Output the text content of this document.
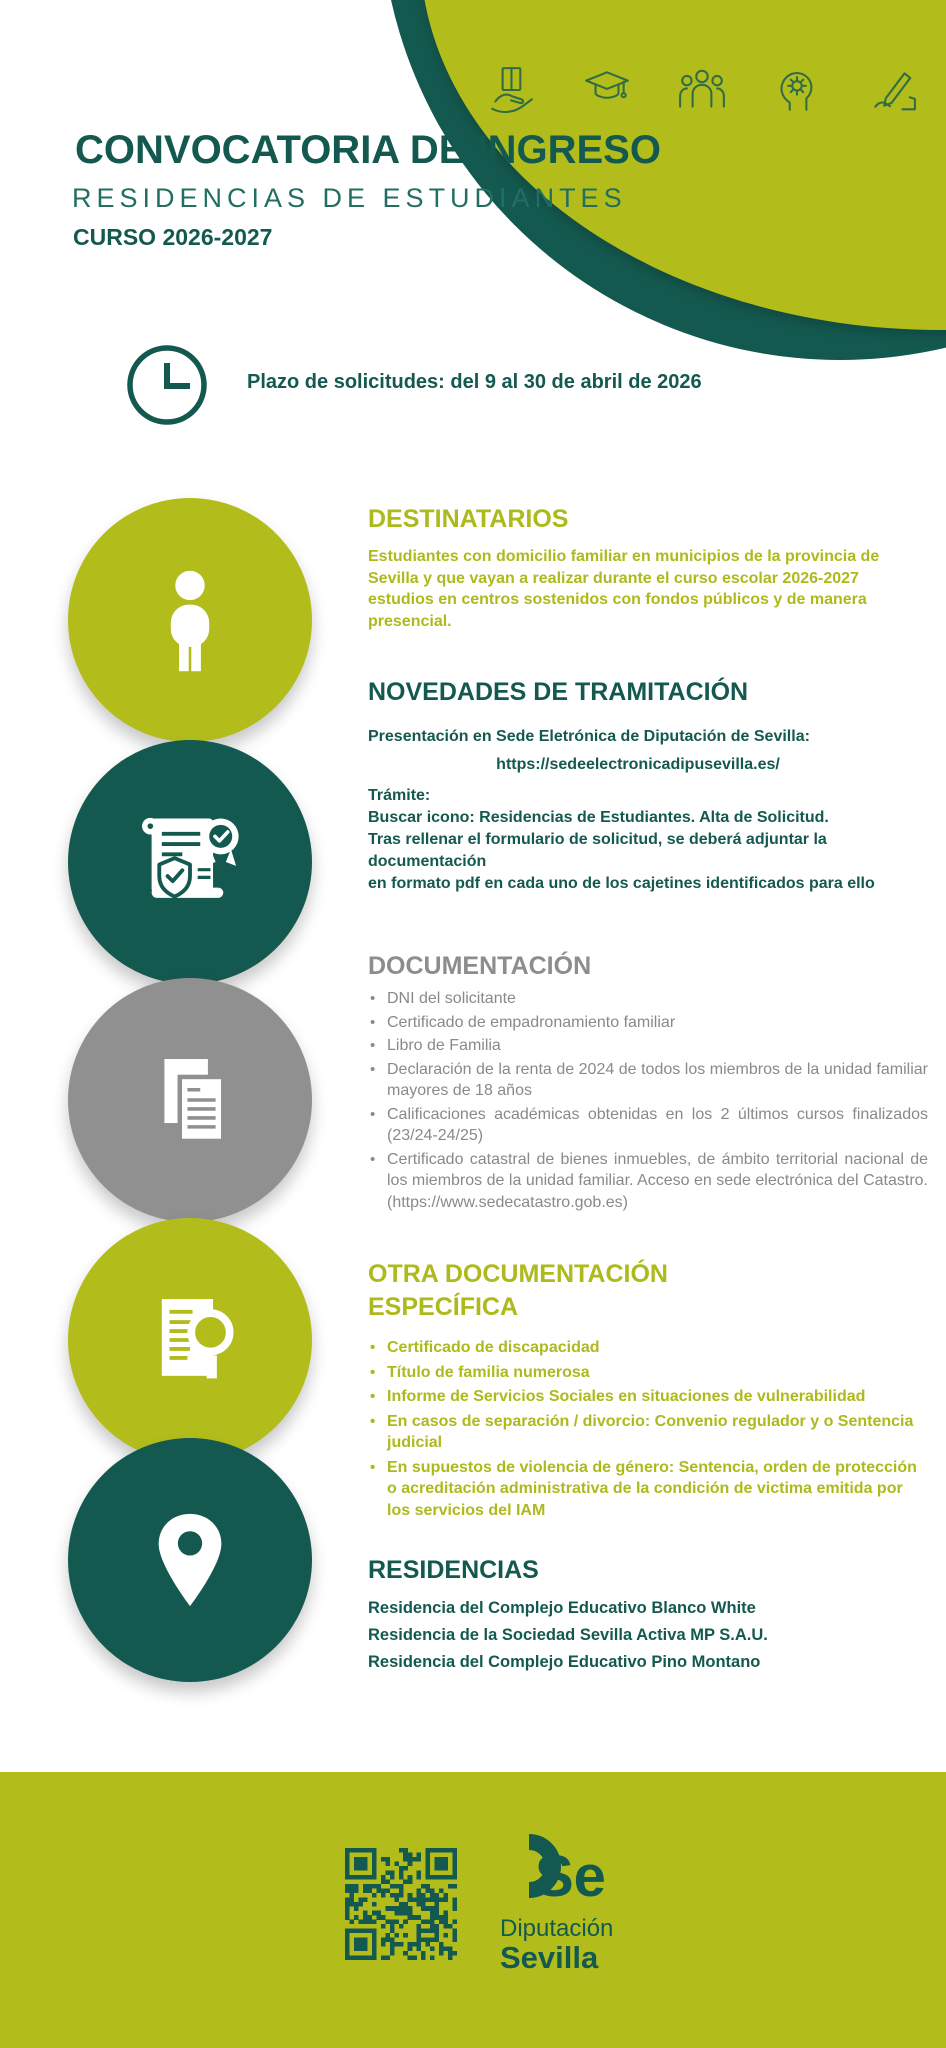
CONVOCATORIA DE INGRESO
RESIDENCIAS DE ESTUDIANTES
CURSO 2026-2027
Plazo de solicitudes: del 9 al 30 de abril de 2026
DESTINATARIOS

Estudiantes con domicilio familiar en municipios de la provincia de Sevilla y que vayan a realizar durante el curso escolar 2026-2027 estudios en centros sostenidos con fondos públicos y de manera presencial.

NOVEDADES DE TRAMITACIÓN

Presentación en Sede Eletrónica de Diputación de Sevilla:

https://sedeelectronicadipusevilla.es/

Trámite:

Buscar icono: Residencias de Estudiantes. Alta de Solicitud.

Tras rellenar el formulario de solicitud, se deberá adjuntar la documentación

en formato pdf en cada uno de los cajetines identificados para ello

DOCUMENTACIÓN
• DNI del solicitante
• Certificado de empadronamiento familiar
• Libro de Familia
• Declaración de la renta de 2024 de todos los miembros de la unidad familiar mayores de 18 años
• Calificaciones académicas obtenidas en los 2 últimos cursos finalizados (23/24-24/25)
• Certificado catastral de bienes inmuebles, de ámbito territorial nacional de los miembros de la unidad familiar. Acceso en sede electrónica del Catastro. (https://www.sedecatastro.gob.es)
OTRA DOCUMENTACIÓN ESPECÍFICA
• Certificado de discapacidad
• Título de familia numerosa
• Informe de Servicios Sociales en situaciones de vulnerabilidad
• En casos de separación / divorcio: Convenio regulador y o Sentencia judicial
• En supuestos de violencia de género: Sentencia, orden de protección o acreditación administrativa de la condición de victima emitida por los servicios del IAM
RESIDENCIAS

Residencia del Complejo Educativo Blanco White

Residencia de la Sociedad Sevilla Activa MP S.A.U.

Residencia del Complejo Educativo Pino Montano

Se
Diputación
Sevilla
